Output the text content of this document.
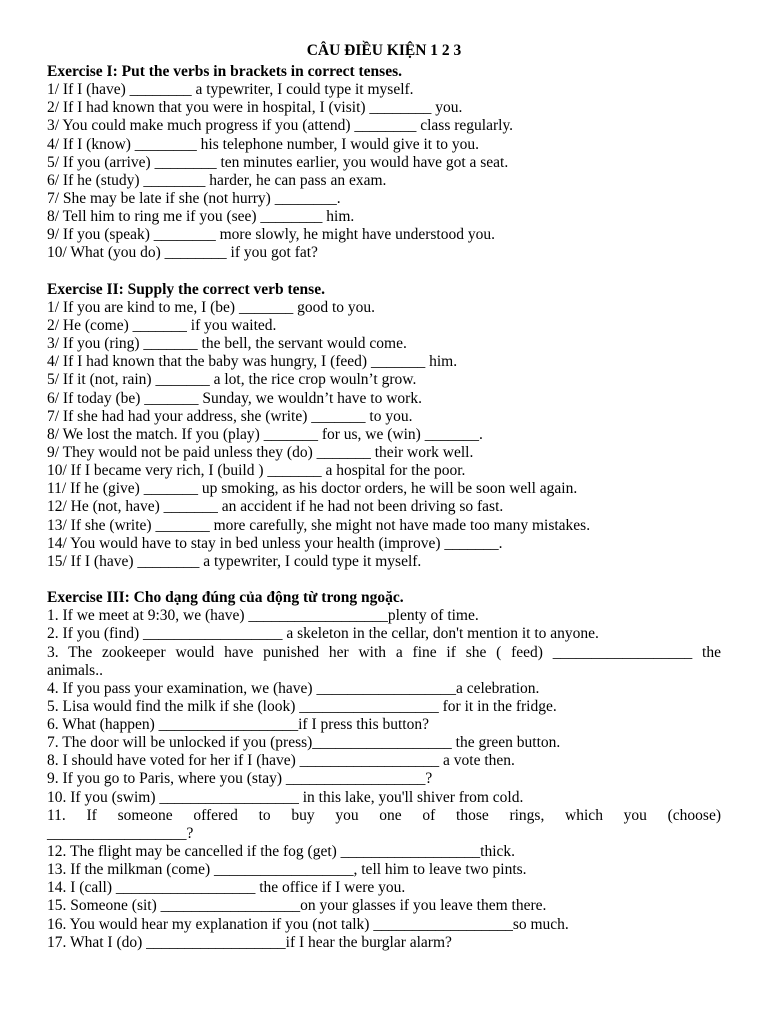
CÂU ĐIỀU KIỆN 1 2 3
Exercise I: Put the verbs in brackets in correct tenses.
1/ If I (have) ________ a typewriter, I could type it myself.
2/ If I had known that you were in hospital, I (visit) ________ you.
3/ You could make much progress if you (attend) ________ class regularly.
4/ If I (know) ________ his telephone number, I would give it to you.
5/ If you (arrive) ________ ten minutes earlier, you would have got a seat.
6/ If he (study) ________ harder, he can pass an exam.
7/ She may be late if she (not hurry) ________.
8/ Tell him to ring me if you (see) ________ him.
9/ If you (speak) ________ more slowly, he might have understood you.
10/ What (you do) ________ if you got fat?
Exercise II: Supply the correct verb tense.
1/ If you are kind to me, I (be) _______ good to you.
2/ He (come) _______ if you waited.
3/ If you (ring) _______ the bell, the servant would come.
4/ If I had known that the baby was hungry, I (feed) _______ him.
5/ If it (not, rain) _______ a lot, the rice crop wouln’t grow.
6/ If today (be) _______ Sunday, we wouldn’t have to work.
7/ If she had had your address, she (write) _______ to you.
8/ We lost the match. If you (play) _______ for us, we (win) _______.
9/ They would not be paid unless they (do) _______ their work well.
10/ If I became very rich, I (build ) _______ a hospital for the poor.
11/ If he (give) _______ up smoking, as his doctor orders, he will be soon well again.
12/ He (not, have) _______ an accident if he had not been driving so fast.
13/ If she (write) _______ more carefully, she might not have made too many mistakes.
14/ You would have to stay in bed unless your health (improve) _______.
15/ If I (have) ________ a typewriter, I could type it myself.
Exercise III: Cho dạng đúng của động từ trong ngoặc.
1. If we meet at 9:30, we (have) __________________plenty of time.
2. If you (find) __________________ a skeleton in the cellar, don't mention it to anyone.
3. The zookeeper would have punished her with a fine if she ( feed) __________________ the
animals..
4. If you pass your examination, we (have) __________________a celebration.
5. Lisa would find the milk if she (look) __________________ for it in the fridge.
6. What (happen) __________________if I press this button?
7. The door will be unlocked if you (press)__________________ the green button.
8. I should have voted for her if I (have) __________________ a vote then.
9. If you go to Paris, where you (stay) __________________?
10. If you (swim) __________________ in this lake, you'll shiver from cold.
11. If someone offered to buy you one of those rings, which you (choose)
__________________?
12. The flight may be cancelled if the fog (get) __________________thick.
13. If the milkman (come) __________________, tell him to leave two pints.
14. I (call) __________________ the office if I were you.
15. Someone (sit) __________________on your glasses if you leave them there.
16. You would hear my explanation if you (not talk) __________________so much.
17. What I (do) __________________if I hear the burglar alarm?
